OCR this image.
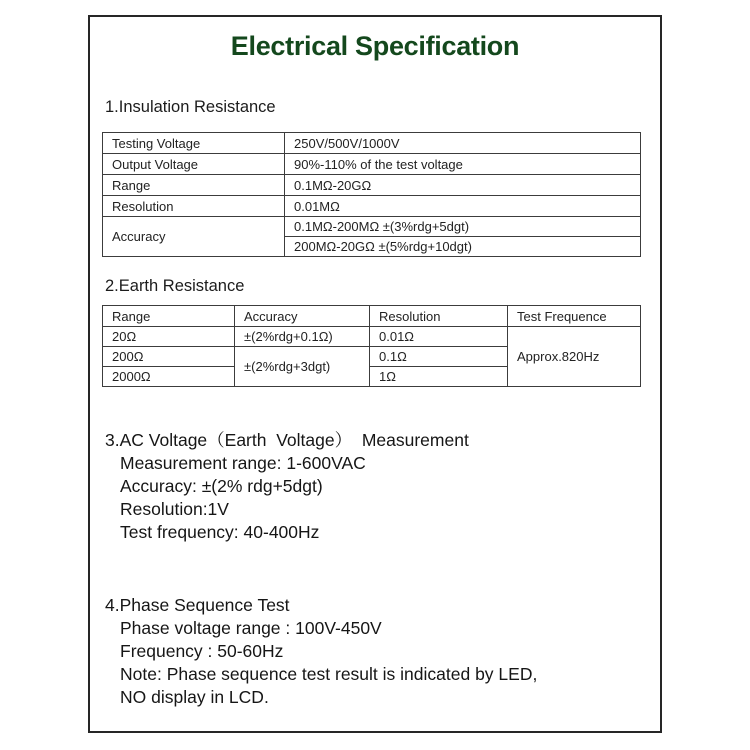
Electrical Specification
1.Insulation Resistance
Testing Voltage	250V/500V/1000V
Output Voltage	90%-110% of the test voltage
Range	0.1MΩ-20GΩ
Resolution	0.01MΩ
Accuracy	0.1MΩ-200MΩ ±(3%rdg+5dgt)
	200MΩ-20GΩ ±(5%rdg+10dgt)
2.Earth Resistance
Range	Accuracy	Resolution	Test Frequence
20Ω	±(2%rdg+0.1Ω)	0.01Ω	Approx.820Hz
200Ω	±(2%rdg+3dgt)	0.1Ω	
2000Ω		1Ω	
3.AC Voltage（Earth  Voltage）  Measurement
Measurement range: 1-600VAC
Accuracy: ±(2% rdg+5dgt)
Resolution:1V
Test frequency: 40-400Hz
4.Phase Sequence Test
Phase voltage range : 100V-450V
Frequency : 50-60Hz
Note: Phase sequence test result is indicated by LED,
NO display in LCD.
